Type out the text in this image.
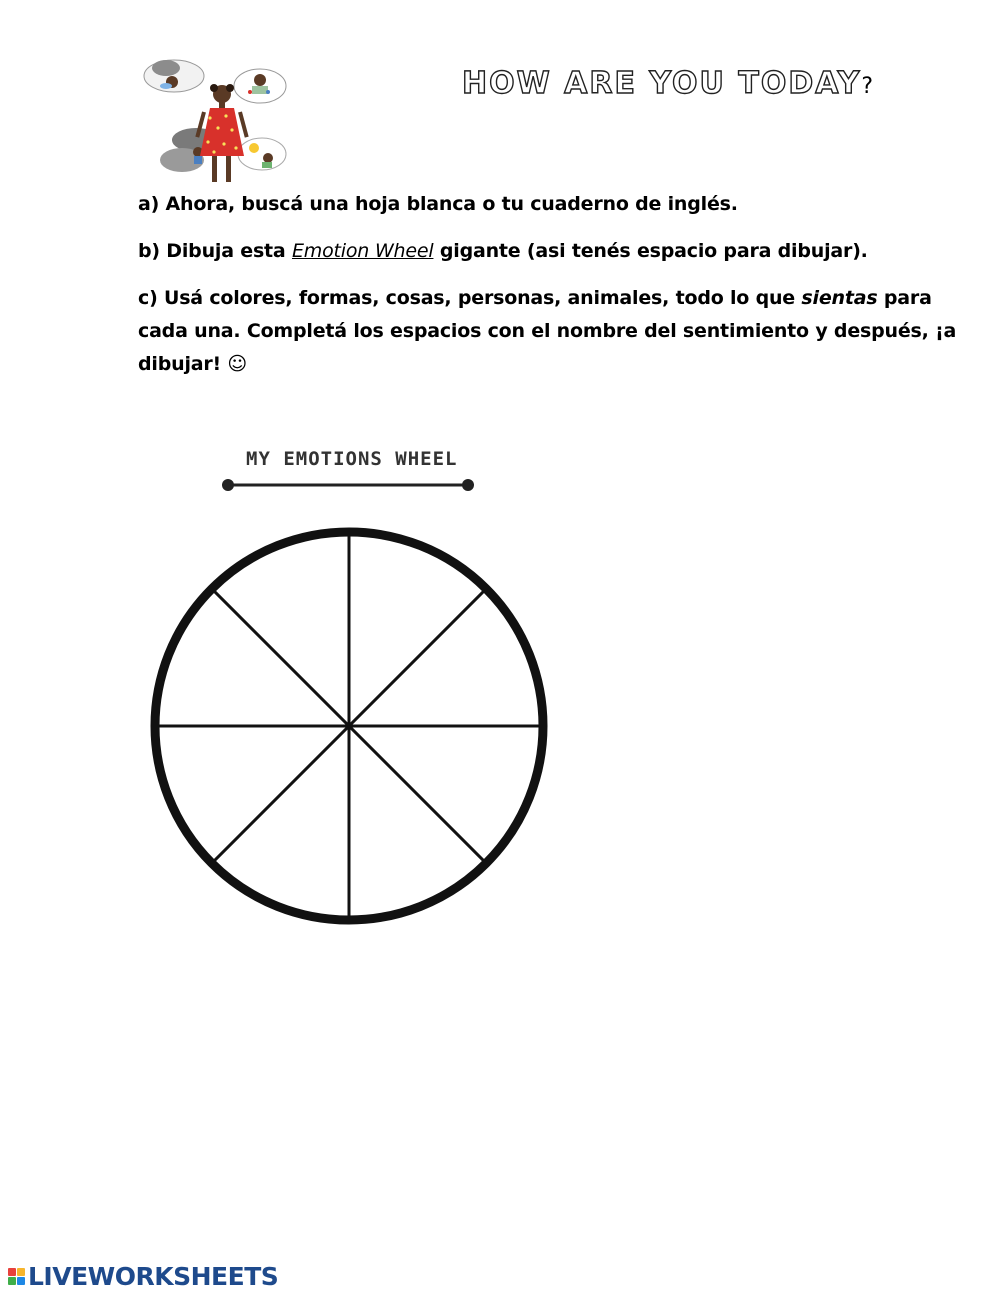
HOW ARE YOU TODAY?

a) Ahora, buscá una hoja blanca o tu cuaderno de inglés.

b) Dibuja esta Emotion Wheel gigante (asi tenés espacio para dibujar).

c) Usá colores, formas, cosas, personas, animales, todo lo que sientas para cada una. Completá los espacios con el nombre del sentimiento y después, ¡a dibujar! ☺

MY EMOTIONS WHEEL
LIVEWORKSHEETS
